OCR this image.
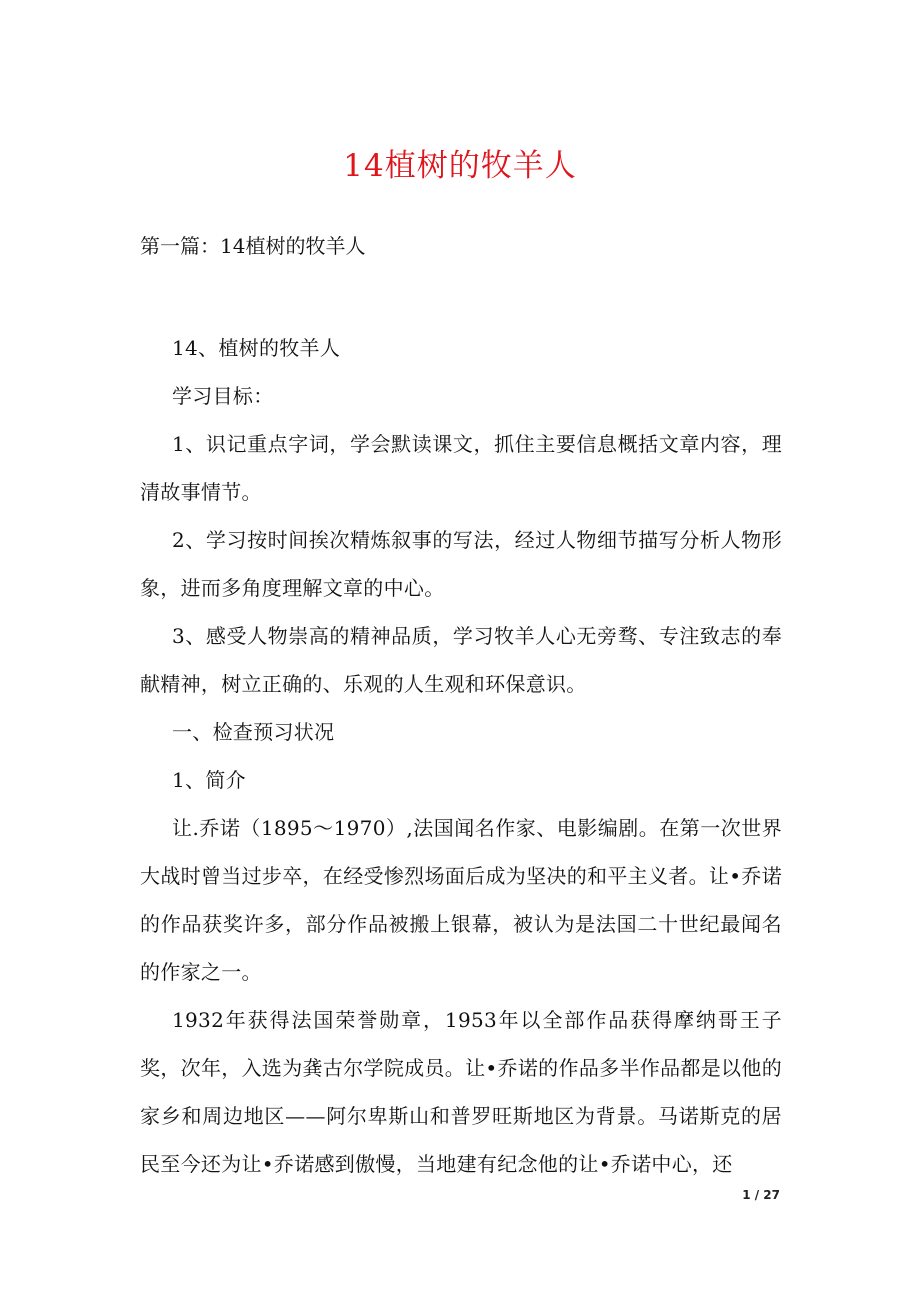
14植树的牧羊人
第一篇：14植树的牧羊人

14、植树的牧羊人

学习目标：

1、识记重点字词，学会默读课文，抓住主要信息概括文章内容，理清故事情节。

2、学习按时间挨次精炼叙事的写法，经过人物细节描写分析人物形象，进而多角度理解文章的中心。

3、感受人物崇高的精神品质，学习牧羊人心无旁骛、专注致志的奉献精神，树立正确的、乐观的人生观和环保意识。

一、检查预习状况

1、简介

让.乔诺（1895～1970）,法国闻名作家、电影编剧。在第一次世界大战时曾当过步卒，在经受惨烈场面后成为坚决的和平主义者。让•乔诺的作品获奖许多，部分作品被搬上银幕，被认为是法国二十世纪最闻名的作家之一。

1932年获得法国荣誉勋章，1953年以全部作品获得摩纳哥王子奖，次年，入选为龚古尔学院成员。让•乔诺的作品多半作品都是以他的家乡和周边地区——阿尔卑斯山和普罗旺斯地区为背景。马诺斯克的居民至今还为让•乔诺感到傲慢，当地建有纪念他的让•乔诺中心，还

1 / 27
